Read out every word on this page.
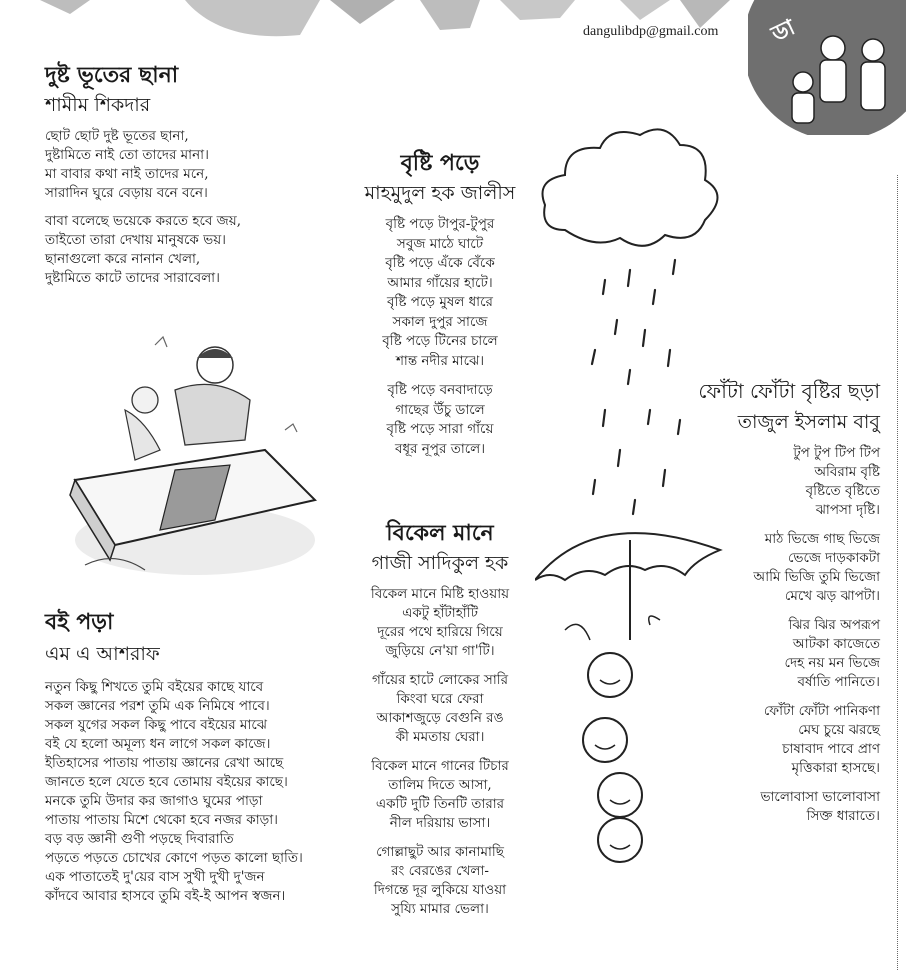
ডা
dangulibdp@gmail.com
দুষ্ট ভূতের ছানা
শামীম শিকদার
ছোট ছোট দুষ্ট ভূতের ছানা,
দুষ্টামিতে নাই তো তাদের মানা।
মা বাবার কথা নাই তাদের মনে,
সারাদিন ঘুরে বেড়ায় বনে বনে।
বাবা বলেছে ভয়েকে করতে হবে জয়,
তাইতো তারা দেখায় মানুষকে ভয়।
ছানাগুলো করে নানান খেলা,
দুষ্টামিতে কাটে তাদের সারাবেলা।
বই পড়া
এম এ আশরাফ
নতুন কিছু শিখতে তুমি বইয়ের কাছে যাবে
সকল জ্ঞানের পরশ তুমি এক নিমিষে পাবে।
সকল যুগের সকল কিছু পাবে বইয়ের মাঝে
বই যে হলো অমূল্য ধন লাগে সকল কাজে।
ইতিহাসের পাতায় পাতায় জ্ঞানের রেখা আছে
জানতে হলে যেতে হবে তোমায় বইয়ের কাছে।
মনকে তুমি উদার কর জাগাও ঘুমের পাড়া
পাতায় পাতায় মিশে থেকো হবে নজর কাড়া।
বড় বড় জ্ঞানী গুণী পড়ছে দিবারাতি
পড়তে পড়তে চোখের কোণে পড়ত কালো ছাতি।
এক পাতাতেই দু'য়ের বাস সুখী দুখী দু'জন
কাঁদবে আবার হাসবে তুমি বই-ই আপন স্বজন।
বৃষ্টি পড়ে
মাহমুদুল হক জালীস
বৃষ্টি পড়ে টাপুর-টুপুর
সবুজ মাঠে ঘাটে
বৃষ্টি পড়ে এঁকে বেঁকে
আমার গাঁয়ের হাটে।
বৃষ্টি পড়ে মুষল ধারে
সকাল দুপুর সাজে
বৃষ্টি পড়ে টিনের চালে
শান্ত নদীর মাঝে।
বৃষ্টি পড়ে বনবাদাড়ে
গাছের উঁচু ডালে
বৃষ্টি পড়ে সারা গাঁয়ে
বধূর নূপুর তালে।
বিকেল মানে
গাজী সাদিকুল হক
বিকেল মানে মিষ্টি হাওয়ায়
একটু হাঁটাহাঁটি
দূরের পথে হারিয়ে গিয়ে
জুড়িয়ে নে'য়া গা'টি।
গাঁয়ের হাটে লোকের সারি
কিংবা ঘরে ফেরা
আকাশজুড়ে বেগুনি রঙ
কী মমতায় ঘেরা।
বিকেল মানে গানের টিচার
তালিম দিতে আসা,
একটি দুটি তিনটি তারার
নীল দরিয়ায় ভাসা।
গোল্লাছুট আর কানামাছি
রং বেরঙের খেলা-
দিগন্তে দূর লুকিয়ে যাওয়া
সুয্যি মামার ভেলা।
ফোঁটা ফোঁটা বৃষ্টির ছড়া
তাজুল ইসলাম বাবু
টুপ টুপ টিপ টিপ
অবিরাম বৃষ্টি
বৃষ্টিতে বৃষ্টিতে
ঝাপসা দৃষ্টি।
মাঠ ভিজে গাছ ভিজে
ভেজে দাড়কাকটা
আমি ভিজি তুমি ভিজো
মেখে ঝড় ঝাপটা।
ঝির ঝির অপরূপ
আটকা কাজেতে
দেহ নয় মন ভিজে
বর্ষাতি পানিতে।
ফোঁটা ফোঁটা পানিকণা
মেঘ চুয়ে ঝরছে
চাষাবাদ পাবে প্রাণ
মৃত্তিকারা হাসছে।
ভালোবাসা ভালোবাসা
সিক্ত ধারাতে।
